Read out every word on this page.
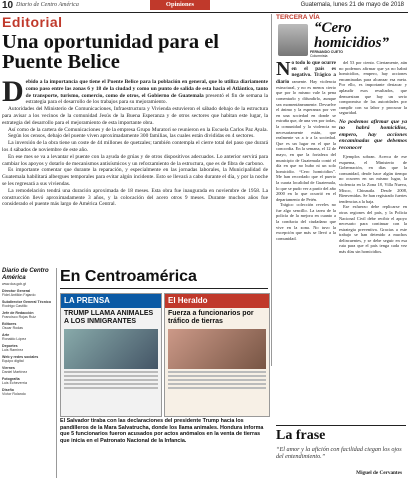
10 Diario de Centro América	Opiniones	Guatemala, lunes 21 de mayo de 2018
Editorial
Una oportunidad para el Puente Belice

D ebido a la importancia que tiene el Puente Belice para la población en general, que lo utiliza diariamente como paso entre las zonas 6 y 18 de la ciudad y como un punto de salida de esta hacia el Atlántico, tanto de transporte, turismo, comercio, como de otros, el Gobierno de Guatemala presentó el fin de semana la estrategia para el desarrollo de los trabajos para su mejoramiento.

Autoridades del Ministerio de Comunicaciones, Infraestructura y Vivienda estuvieron el sábado debajo de la estructura para avisar a los vecinos de la comunidad Jesús de la Buena Esperanza y de otros sectores que habitan este lugar, la estrategia del desarrollo para el mejoramiento de esta importante obra.

Así como de la cartera de Comunicaciones y de la empresa Grupo Muratori se reunieron en la Escuela Carlos Paz Ayala.

Según los censos, debajo del puente viven aproximadamente 300 familias, las cuales están divididas en 4 sectores.

La inversión de la obra tiene un coste de 44 millones de quetzales; también contempla el cierre total del paso que durará los 4 sábados de noviembre de este año.

En ese mes se va a levantar el puente con la ayuda de grúas y de otros dispositivos adecuados. Lo anterior servirá para cambiar los apoyos y dotarlo de mecanismos antisísmicos y un reforzamiento de la estructura, que es de fibra de carbono.

Es importante comentar que durante la reparación, y especialmente en las jornadas laborales, la Municipalidad de Guatemala habilitará albergues temporales para evitar algún incidente. Esto se llevará a cabo durante el día, y por la noche se les regresará a sus viviendas.

La remodelación tendrá una duración aproximada de 18 meses. Esta obra fue inaugurada en noviembre de 1958. La construcción llevó aproximadamente 3 años, y la colocación del acero otros 9 meses. Durante muchos años fue considerado el puente más largo de América Central.

TERCERA VÍA
“Cero homicidios”
FERNANDO CUETO
Columnista

N o todo lo que ocurre en el país es negativo. Trágico a diario ramente. Hay violencia estructural, y no es menos cierto que por lo mismo vale la pena comentarlo y difundirlo, aunque sea momentáneamente. Devuelve el ánimo y la esperanza por ver en una sociedad en donde se extraña que, de una vez por todas, la comunidad y la violencia no necesariamente están, que realmente va a ir a la sociedad. Que es un lugar en el que la concordia. En la semana, el 12 de mayo, en que la fortaleza del municipio de Guatemala contó el día en que no hubo ni un solo homicidio. “Cero homicidios”. Me han recordado que el puerto la cuarta localidad de Guatemala, lo que se pudo ver a partir del año 2000 en lo que ocurrió en el departamento de Petén.

Trágico colección reveles no fue algo sencillo. La tarea de la policía de la mejora en cuanto a la conducta del ciudadano que vive en la zona. No tuvo la excepción que más se llevó a la comunidad.

del 53 por ciento. Ciertamente, aún no podemos afirmar que ya no habrá homicidios, empero, hay acciones encaminadas para alcanzar esa meta. Por ello, es importante destacar y aplaudir esos resultados, que demuestran que hay un serio compromiso de las autoridades por cumplir con su labor y procurar la seguridad.

No podemos afirmar que ya no habrá homicidios, empero, hay acciones encaminadas que debemos reconocer

Ejemplos sobran. Acerca de ese esquema, el Ministerio de Gobernación, en días que la comunidad, desde hace algún tiempo no ocurren en un mismo lugar, la violencia en la Zona 18, Villa Nueva, Mixco, Chinautla. Desde 2008, Bienvenidas. Se han registrado fuertes tendencias a la baja.

Ese esfuerzo debe replicarse en otras regiones del país, y la Policía Nacional Civil debe recibir el apoyo necesario para continuar con la estrategia preventiva. Gracias a este trabajo se han detenido a muchos delincuentes, y se debe seguir en esa ruta para que el país tenga cada vez más días sin homicidios.

Diario de Centro América
www.dca.gob.gt
Director General
Fidel Antillón Fajardo
Subdirector General Técnico
Rodrigo Castillo
Jefe de Redacción
Francisco Rojas Ruiz
Editores
Oscar Rodas
Arte
Ronaldo López
Deportes
Luis Ramírez
Web y redes sociales
Equipo digital
Viernes
Daniel Martínez
Fotografía
Luis Echeverría
Diseño
Víctor Rolando
En Centroamérica
LA PRENSA
TRUMP LLAMA ANIMALES A LOS INMIGRANTES
El Heraldo
Fuerza a funcionarios por tráfico de tierras
El Salvador tiraba con las declaraciones del presidente Trump hacia los pandilleros de la Mara Salvatrucha, donde los llama animales. Hondura informa que 5 funcionarios fueron acusados por actos anómalos en la venta de tierras que inicia en el Patronato Nacional de la Infancia.	La frase
“El amor y la afición con facilidad ciegan los ojos del entendimiento.”
Miguel de Cervantes
